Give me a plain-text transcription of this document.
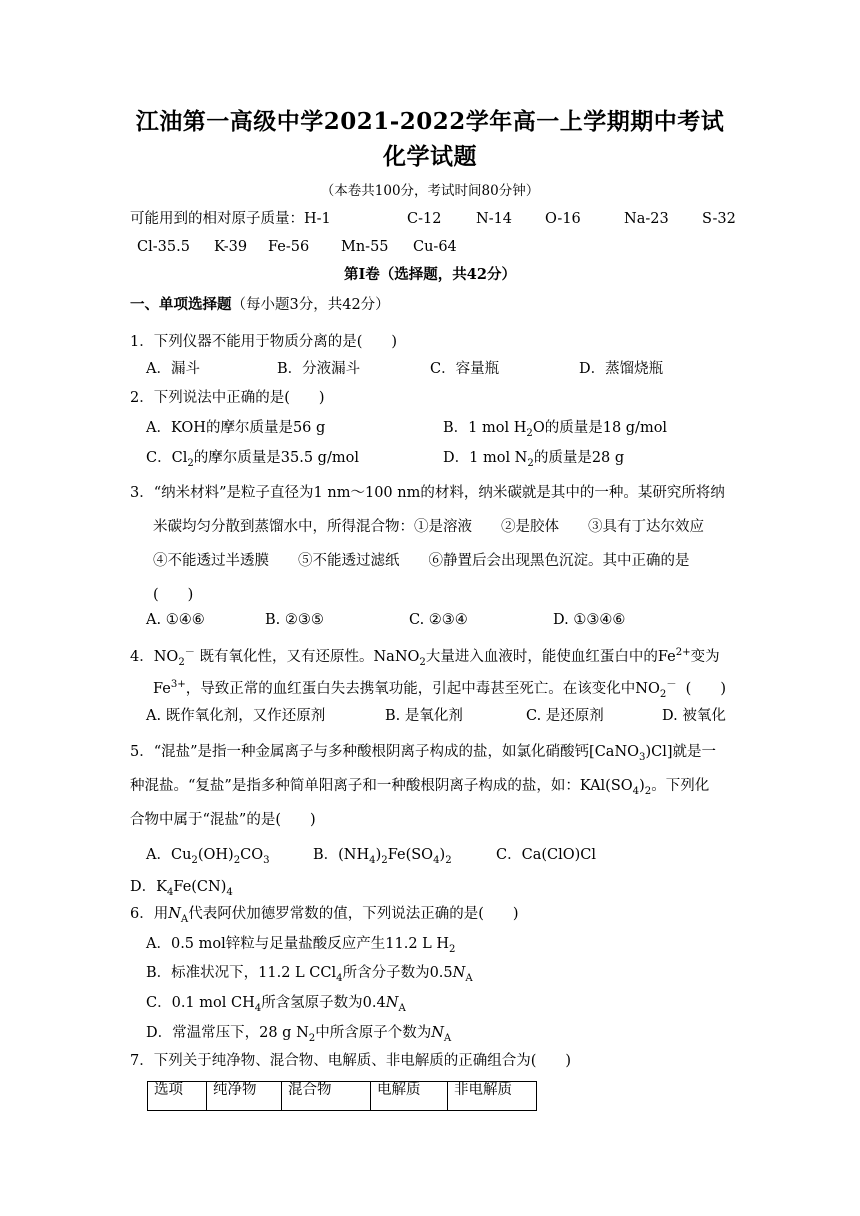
江油第一高级中学2021-2022学年高一上学期期中考试
化学试题
（本卷共100分，考试时间80分钟）
可能用到的相对原子质量：H-1	C-12 N-14 O-16	Na-23 S-32
Cl-35.5 K-39 Fe-56 Mn-55 Cu-64
第Ⅰ卷（选择题，共42分）
一、单项选择题（每小题3分，共42分）
1．下列仪器不能用于物质分离的是(　　)
A．漏斗	B．分液漏斗	C．容量瓶	D．蒸馏烧瓶
2．下列说法中正确的是(　　)
A．KOH的摩尔质量是56 g	B．1 mol $H_2O$的质量是18 g/mol
C．$Cl_2$的摩尔质量是35.5 g/mol	D．1 mol $N_2$的质量是28 g
3．“纳米材料”是粒子直径为1 nm～100 nm的材料，纳米碳就是其中的一种。某研究所将纳
米碳均匀分散到蒸馏水中，所得混合物：①是溶液　　②是胶体　　③具有丁达尔效应
④不能透过半透膜　　⑤不能透过滤纸　　⑥静置后会出现黑色沉淀。其中正确的是
(　　)
A. ①④⑥	B. ②③⑤	C. ②③④	D. ①③④⑥
4．$NO_2^-$ 既有氧化性，又有还原性。NaNO$_2$大量进入血液时，能使血红蛋白中的$Fe^{2+}$变为
$Fe^{3+}$，导致正常的血红蛋白失去携氧功能，引起中毒甚至死亡。在该变化中$NO_2^-$ (　　)
A. 既作氧化剂，又作还原剂	B. 是氧化剂	C. 是还原剂	D. 被氧化
5．“混盐”是指一种金属离子与多种酸根阴离子构成的盐，如氯化硝酸钙[CaNO$_3$)Cl]就是一
种混盐。“复盐”是指多种简单阳离子和一种酸根阴离子构成的盐，如：$KAl(SO_4)_2$。下列化
合物中属于“混盐”的是(　　)
A．$Cu_2(OH)_2CO_3$	B．$(NH_4)_2Fe(SO_4)_2$	C．Ca(ClO)Cl
D．$K_4Fe(CN)_4$
6．用$N_A$代表阿伏加德罗常数的值，下列说法正确的是(　　)
A．0.5 mol锌粒与足量盐酸反应产生11.2 L $H_2$
B．标准状况下，11.2 L CCl$_4$所含分子数为$0.5N_A$
C．0.1 mol $CH_4$所含氢原子数为$0.4N_A$
D．常温常压下，28 g $N_2$中所含原子个数为$N_A$
7．下列关于纯净物、混合物、电解质、非电解质的正确组合为(　　)
选项	纯净物	混合物	电解质	非电解质
